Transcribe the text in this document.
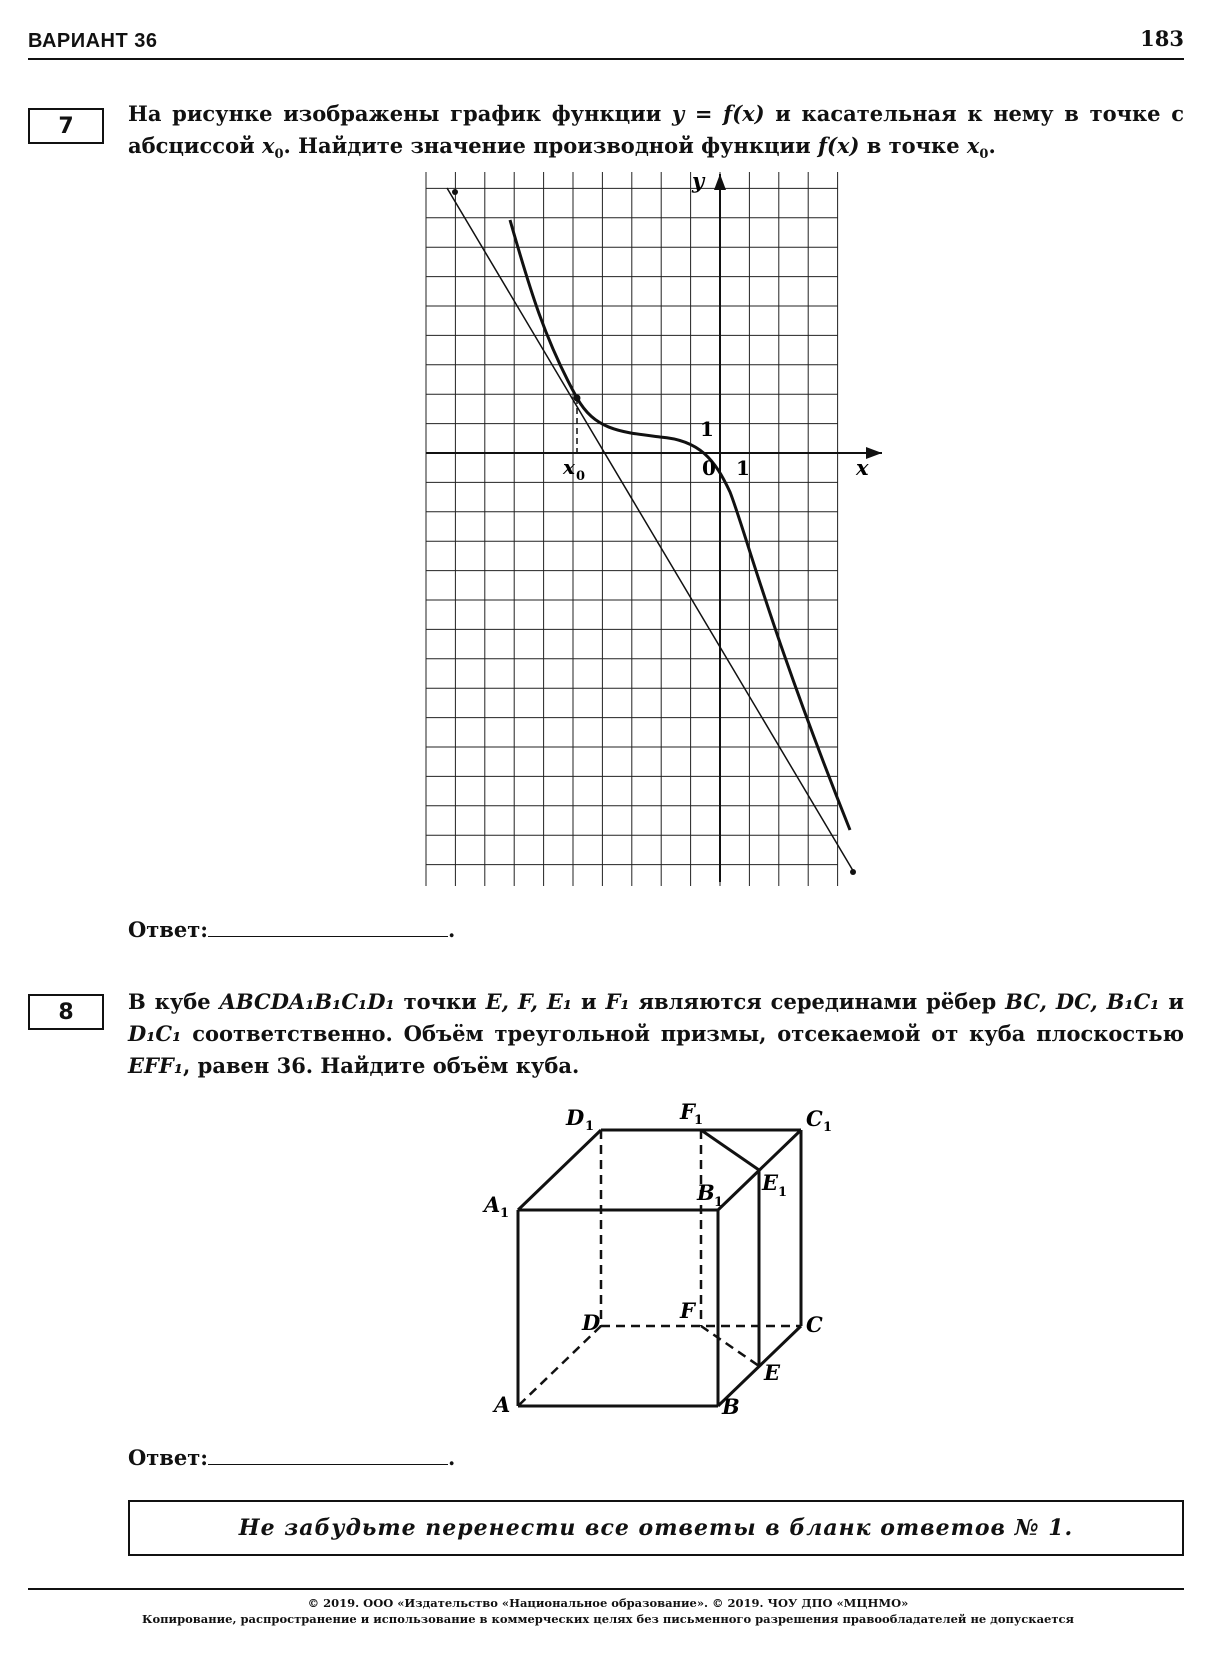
ВАРИАНТ 36	183
7	На рисунке изображены график функции y = f(x) и касательная к нему в точке с абсциссой $x_0$. Найдите значение производной функции f(x) в точке $x_0$.
1
0 1	x
y
x 0
Ответ:	.
8	В кубе ABCDA₁B₁C₁D₁ точки E, F, E₁ и F₁ являются серединами рёбер BC, DC, B₁C₁ и D₁C₁ соответственно. Объём треугольной призмы, отсекаемой от куба плоскостью EFF₁, равен 36. Найдите объём куба.
A	B
C
D
E
F
A	B
C
D
E
F
1
1
1
1
1
1
Ответ:	.
Не забудьте перенести все ответы в бланк ответов № 1.
© 2019. ООО «Издательство «Национальное образование». © 2019. ЧОУ ДПО «МЦНМО»
Копирование, распространение и использование в коммерческих целях без письменного разрешения правообладателей не допускается
